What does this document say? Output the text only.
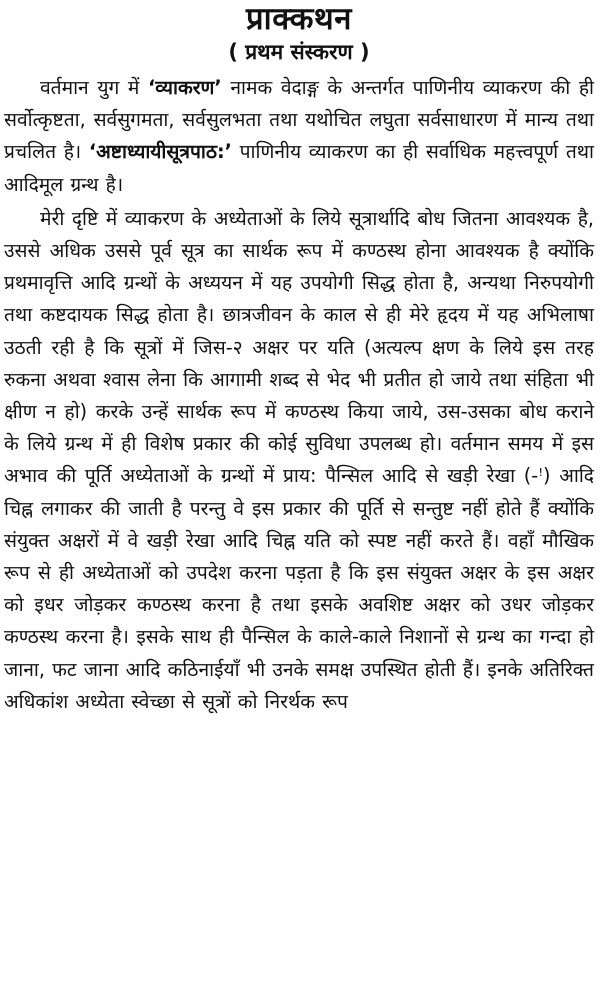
प्राक्कथन
( प्रथम संस्करण )

वर्तमान युग में ‘व्याकरण’ नामक वेदाङ्ग के अन्तर्गत पाणिनीय व्याकरण की ही सर्वोत्कृष्टता, सर्वसुगमता, सर्वसुलभता तथा यथोचित लघुता सर्वसाधारण में मान्य तथा प्रचलित है। ‘अष्टाध्यायीसूत्रपाठ:’ पाणिनीय व्याकरण का ही सर्वाधिक महत्त्वपूर्ण तथा आदिमूल ग्रन्थ है।

मेरी दृष्टि में व्याकरण के अध्येताओं के लिये सूत्रार्थादि बोध जितना आवश्यक है, उससे अधिक उससे पूर्व सूत्र का सार्थक रूप में कण्ठस्थ होना आवश्यक है क्योंकि प्रथमावृत्ति आदि ग्रन्थों के अध्ययन में यह उपयोगी सिद्ध होता है, अन्यथा निरुपयोगी तथा कष्टदायक सिद्ध होता है। छात्रजीवन के काल से ही मेरे हृदय में यह अभिलाषा उठती रही है कि सूत्रों में जिस-२ अक्षर पर यति (अत्यल्प क्षण के लिये इस तरह रुकना अथवा श्वास लेना कि आगामी शब्द से भेद भी प्रतीत हो जाये तथा संहिता भी क्षीण न हो) करके उन्हें सार्थक रूप में कण्ठस्थ किया जाये, उस-उसका बोध कराने के लिये ग्रन्थ में ही विशेष प्रकार की कोई सुविधा उपलब्ध हो। वर्तमान समय में इस अभाव की पूर्ति अध्येताओं के ग्रन्थों में प्राय: पैन्सिल आदि से खड़ी रेखा (-ꜝ) आदि चिह्न लगाकर की जाती है परन्तु वे इस प्रकार की पूर्ति से सन्तुष्ट नहीं होते हैं क्योंकि संयुक्त अक्षरों में वे खड़ी रेखा आदि चिह्न यति को स्पष्ट नहीं करते हैं। वहाँ मौखिक रूप से ही अध्येताओं को उपदेश करना पड़ता है कि इस संयुक्त अक्षर के इस अक्षर को इधर जोड़कर कण्ठस्थ करना है तथा इसके अवशिष्ट अक्षर को उधर जोड़कर कण्ठस्थ करना है। इसके साथ ही पैन्सिल के काले-काले निशानों से ग्रन्थ का गन्दा हो जाना, फट जाना आदि कठिनाईयाँ भी उनके समक्ष उपस्थित होती हैं। इनके अतिरिक्त अधिकांश अध्येता स्वेच्छा से सूत्रों को निरर्थक रूप
